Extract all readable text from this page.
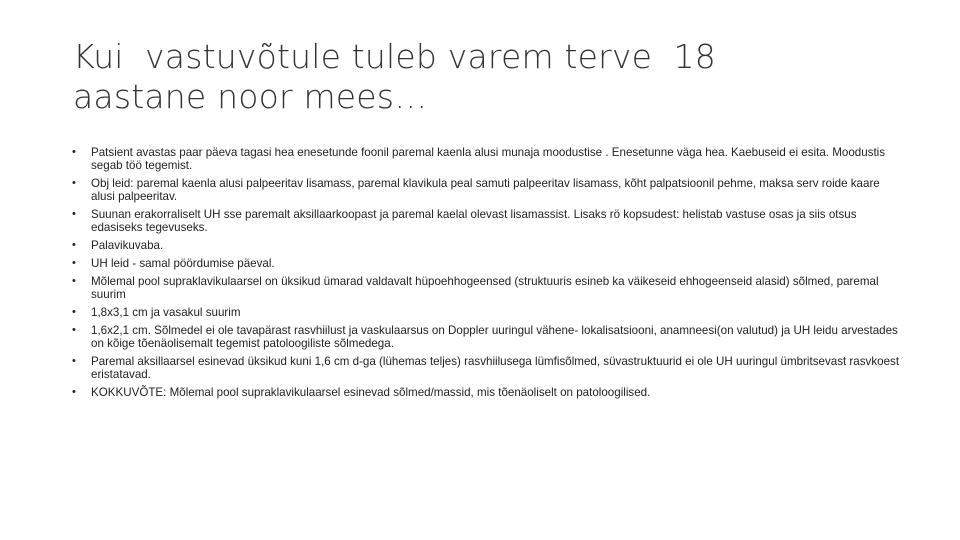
Kui  vastuvõtule tuleb varem terve  18
aastane noor mees…
• Patsient avastas paar päeva tagasi hea enesetunde foonil paremal kaenla alusi munaja moodustise . Enesetunne väga hea. Kaebuseid ei esita. Moodustis segab töö tegemist.
• Obj leid: paremal kaenla alusi palpeeritav lisamass, paremal klavikula peal samuti palpeeritav lisamass, kõht palpatsioonil pehme, maksa serv roide kaare alusi palpeeritav.
• Suunan erakorraliselt UH sse paremalt aksillaarkoopast ja paremal kaelal olevast lisamassist. Lisaks rö kopsudest: helistab vastuse osas ja siis otsus edasiseks tegevuseks.
• Palavikuvaba.
• UH leid - samal pöördumise päeval.
• Mõlemal pool supraklavikulaarsel on üksikud ümarad valdavalt hüpoehhogeensed (struktuuris esineb ka väikeseid ehhogeenseid alasid) sõlmed, paremal suurim
• 1,8x3,1 cm ja vasakul suurim
• 1,6x2,1 cm. Sõlmedel ei ole tavapärast rasvhiilust ja vaskulaarsus on Doppler uuringul vähene- lokalisatsiooni, anamneesi(on valutud) ja UH leidu arvestades on kõige tõenäolisemalt tegemist patoloogiliste sõlmedega.
• Paremal aksillaarsel esinevad üksikud kuni 1,6 cm d-ga (lühemas teljes) rasvhiilusega lümfisõlmed, süvastruktuurid ei ole UH uuringul ümbritsevast rasvkoest eristatavad.
• KOKKUVÕTE: Mõlemal pool supraklavikulaarsel esinevad sõlmed/massid, mis tõenäoliselt on patoloogilised.
